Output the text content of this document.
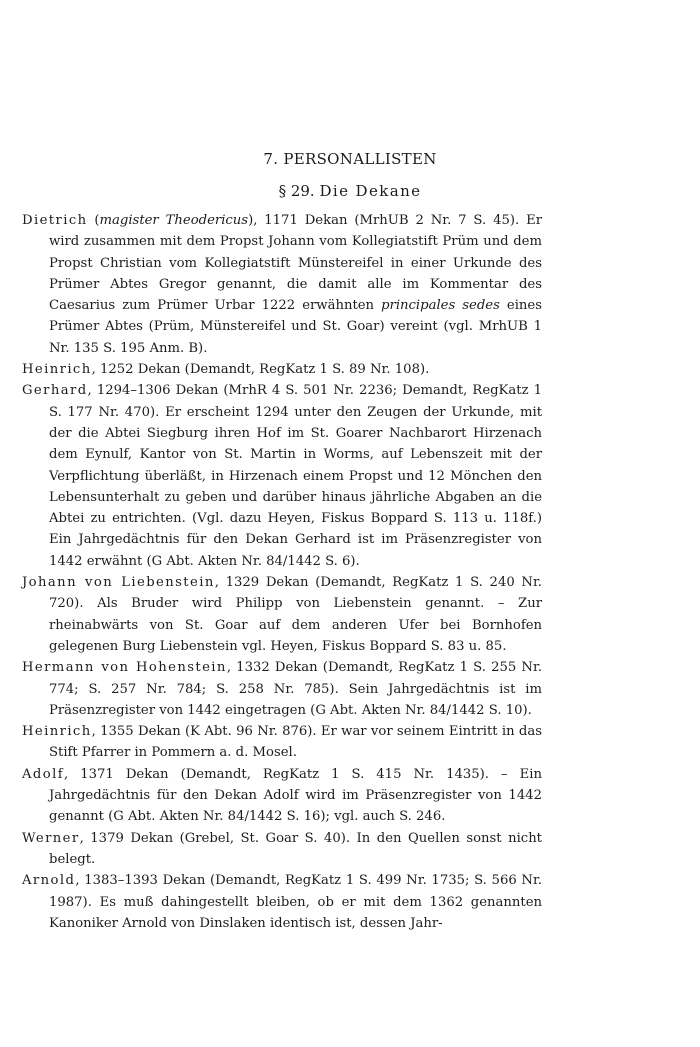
7. PERSONALLISTEN
§ 29. Die Dekane

Dietrich (magister Theodericus), 1171 Dekan (MrhUB 2 Nr. 7 S. 45). Er wird zusammen mit dem Propst Johann vom Kollegiatstift Prüm und dem Propst Christian vom Kollegiatstift Münstereifel in einer Urkunde des Prümer Abtes Gregor genannt, die damit alle im Kommentar des Caesarius zum Prümer Urbar 1222 erwähnten principales sedes eines Prümer Abtes (Prüm, Münstereifel und St. Goar) vereint (vgl. MrhUB 1 Nr. 135 S. 195 Anm. B).

Heinrich, 1252 Dekan (Demandt, RegKatz 1 S. 89 Nr. 108).

Gerhard, 1294–1306 Dekan (MrhR 4 S. 501 Nr. 2236; Demandt, RegKatz 1 S. 177 Nr. 470). Er erscheint 1294 unter den Zeugen der Urkunde, mit der die Abtei Siegburg ihren Hof im St. Goarer Nachbarort Hirzenach dem Eynulf, Kantor von St. Martin in Worms, auf Lebenszeit mit der Verpflichtung überläßt, in Hirzenach einem Propst und 12 Mönchen den Lebensunterhalt zu geben und darüber hinaus jährliche Abgaben an die Abtei zu entrichten. (Vgl. dazu Heyen, Fiskus Boppard S. 113 u. 118f.) Ein Jahrgedächtnis für den Dekan Gerhard ist im Präsenzregister von 1442 erwähnt (G Abt. Akten Nr. 84/1442 S. 6).

Johann von Liebenstein, 1329 Dekan (Demandt, RegKatz 1 S. 240 Nr. 720). Als Bruder wird Philipp von Liebenstein genannt. – Zur rheinabwärts von St. Goar auf dem anderen Ufer bei Bornhofen gelegenen Burg Liebenstein vgl. Heyen, Fiskus Boppard S. 83 u. 85.

Hermann von Hohenstein, 1332 Dekan (Demandt, RegKatz 1 S. 255 Nr. 774; S. 257 Nr. 784; S. 258 Nr. 785). Sein Jahrgedächtnis ist im Präsenzregister von 1442 eingetragen (G Abt. Akten Nr. 84/1442 S. 10).

Heinrich, 1355 Dekan (K Abt. 96 Nr. 876). Er war vor seinem Eintritt in das Stift Pfarrer in Pommern a. d. Mosel.

Adolf, 1371 Dekan (Demandt, RegKatz 1 S. 415 Nr. 1435). – Ein Jahrgedächtnis für den Dekan Adolf wird im Präsenzregister von 1442 genannt (G Abt. Akten Nr. 84/1442 S. 16); vgl. auch S. 246.

Werner, 1379 Dekan (Grebel, St. Goar S. 40). In den Quellen sonst nicht belegt.

Arnold, 1383–1393 Dekan (Demandt, RegKatz 1 S. 499 Nr. 1735; S. 566 Nr. 1987). Es muß dahingestellt bleiben, ob er mit dem 1362 genannten Kanoniker Arnold von Dinslaken identisch ist, dessen Jahr-
